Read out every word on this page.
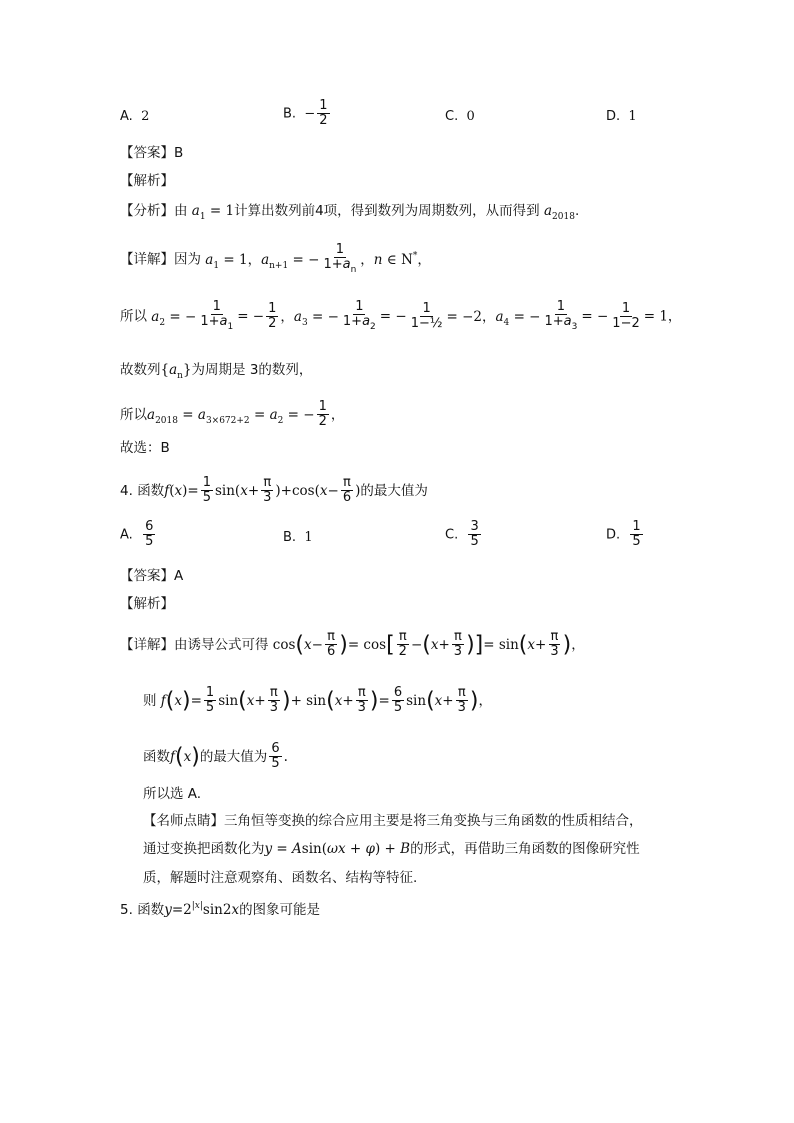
A. 2	B. − $\frac{1}{2}$	C. 0	D. 1
【答案】B
【解析】
【分析】由 $a_1 = 1$计算出数列前4项，得到数列为周期数列，从而得到 $a_{2018}$.
【详解】因为 $a_1 = 1$，$a_{n+1}$ = − $\frac{1}{1+a_n}$ ，n ∈ N*，
所以 $a_2$ = − $\frac{1}{1+a_1}$ = − $\frac{1}{2}$ ，$a_3$ = − $\frac{1}{1+a_2}$ = − $\frac{1}{\text{1−½}} = -2$，$a_4$ = − $\frac{1}{1+a_3}$ = − $\frac{1}{1-2} = 1$，
故数列$\{a_n\}$为周期是 3的数列，
所以$a_{2018} = a_{3\times 672+2} = a_2$ = − $\frac{1}{2}$ ，
故选：B
4. 函数$f(x)= \frac{1}{5} \sin(x+ \frac{\pi}{3} )+\cos(x- \frac{\pi}{6}$ )的最大值为
A. $\frac{6}{5}$	B. 1	C. $\frac{3}{5}$	D. $\frac{1}{5}$
【答案】A
【解析】
【详解】由诱导公式可得 $\cos(x- \frac{\pi}{6}$ )= $\cos[ \frac{\pi}{2} -(x+ \frac{\pi}{3}$ )]= $\sin(x+ \frac{\pi}{3}$ )，
则 $f(x)= \frac{1}{5} \sin(x+ \frac{\pi}{3}$ )+ $\sin(x+ \frac{\pi}{3}$ )= $\frac{6}{5} \sin(x+ \frac{\pi}{3}$ )，
函数f(x)的最大值为 $\frac{6}{5}$ .
所以选 A.
【名师点睛】三角恒等变换的综合应用主要是将三角变换与三角函数的性质相结合，
通过变换把函数化为y = Asin(ωx + φ) + B的形式，再借助三角函数的图像研究性
质，解题时注意观察角、函数名、结构等特征.
5. 函数$y=2^{|x|}\sin 2x$的图象可能是
